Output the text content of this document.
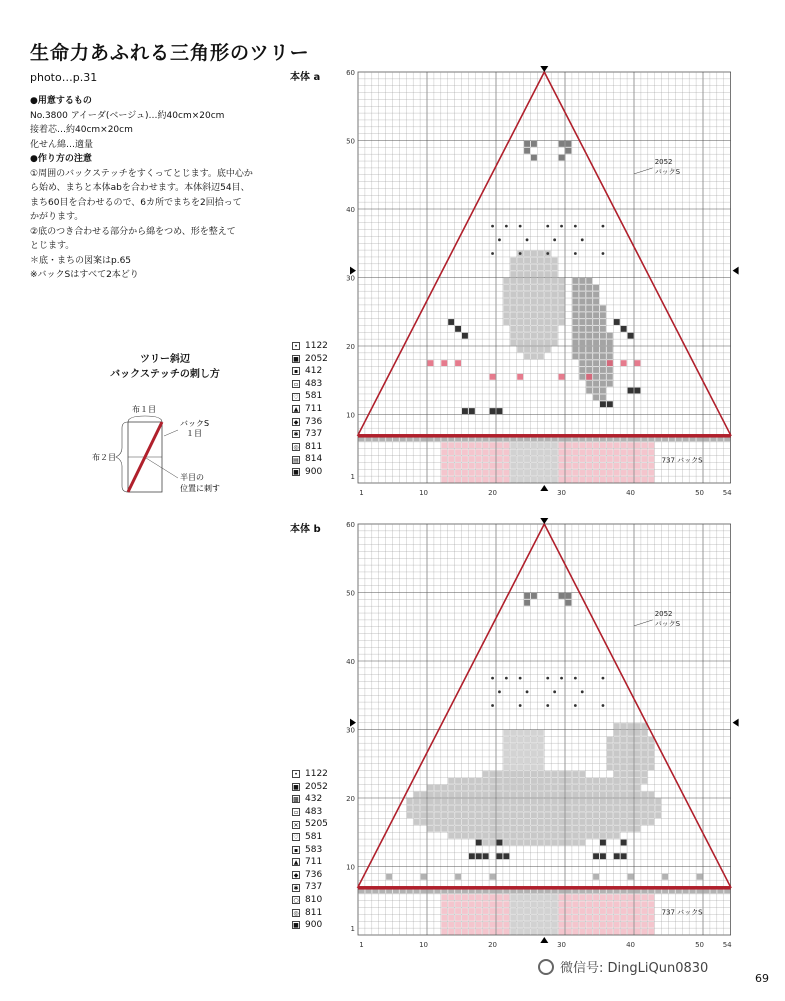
生命力あふれる三角形のツリー
photo…p.31
●用意するもの
No.3800 アイーダ(ベージュ)…約40cm×20cm
接着芯…約40cm×20cm
化せん綿…適量
●作り方の注意
①周囲のバックステッチをすくってとじます。底中心か
ら始め、まちと本体abを合わせます。本体斜辺54目、
まち60目を合わせるので、6カ所でまちを2回拾って
かがります。
②底のつき合わせる部分から綿をつめ、形を整えて
とじます。
＊底・まちの図案はp.65
※バックSはすべて2本どり
ツリー斜辺
バックステッチの刺し方
布１目
布２目
バックS
１目
半目の
位置に刺す
本体 a	60
50
40
30
20
10
1
1	10	20	30	40	50	54
2052
バックS
737 バックS
• 1122
■ 2052
▪ 412
▫ 483
♡ 581
▲ 711
◆ 736
✱ 737
◎ 811
▤ 814
■ 900
本体 b	60
50
40
30
20
10
1
1	10	20	30	40	50	54
2052
バックS
737 バックS
• 1122
■ 2052
▩ 432
▫ 483
✕ 5205
♡ 581
▪ 583
▲ 711
◆ 736
✱ 737
○ 810
◎ 811
■ 900
微信号: DingLiQun0830
69
